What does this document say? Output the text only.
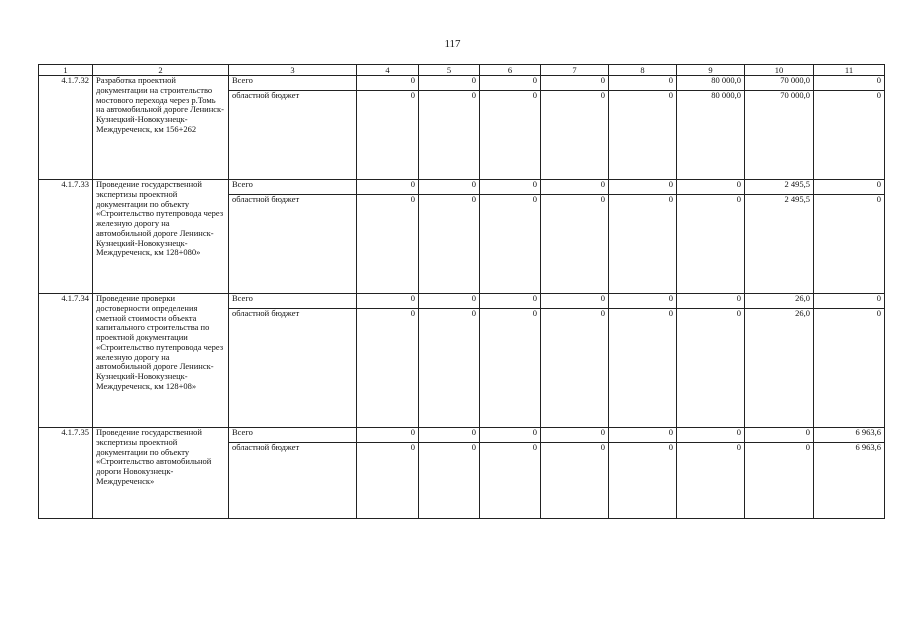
117
1	2	3	4	5	6	7	8	9	10	11
4.1.7.32	Разработка проектной документации на строительство мостового перехода через р.Томь на автомобильной дороге Ленинск-Кузнецкий-Новокузнецк-Междуреченск, км 156+262	Всего	0	0	0	0	0	80 000,0	70 000,0	0
		областной бюджет	0	0	0	0	0	80 000,0	70 000,0	0
4.1.7.33	Проведение государственной экспертизы проектной документации по объекту «Строительство путепровода через железную дорогу на автомобильной дороге Ленинск-Кузнецкий-Новокузнецк-Междуреченск, км 128+080»	Всего	0	0	0	0	0	0	2 495,5	0
		областной бюджет	0	0	0	0	0	0	2 495,5	0
4.1.7.34	Проведение проверки достоверности определения сметной стоимости объекта капитального строительства по проектной документации «Строительство путепровода через железную дорогу на автомобильной дороге Ленинск-Кузнецкий-Новокузнецк-Междуреченск, км 128+08»	Всего	0	0	0	0	0	0	26,0	0
		областной бюджет	0	0	0	0	0	0	26,0	0
4.1.7.35	Проведение государственной экспертизы проектной документации по объекту «Строительство автомобильной дороги Новокузнецк-Междуреченск»	Всего	0	0	0	0	0	0	0	6 963,6
		областной бюджет	0	0	0	0	0	0	0	6 963,6
